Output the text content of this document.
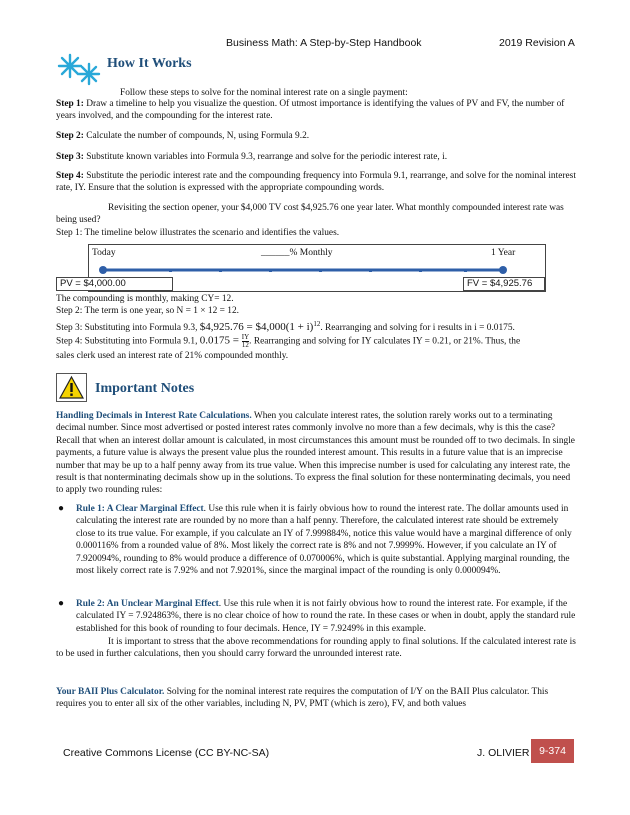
Business Math: A Step-by-Step Handbook	2019 Revision A
How It Works
Follow these steps to solve for the nominal interest rate on a single payment:
Step 1: Draw a timeline to help you visualize the question. Of utmost importance is identifying the values of PV and FV, the number of years involved, and the compounding for the interest rate.
Step 2: Calculate the number of compounds, N, using Formula 9.2.
Step 3: Substitute known variables into Formula 9.3, rearrange and solve for the periodic interest rate, i.
Step 4: Substitute the periodic interest rate and the compounding frequency into Formula 9.1, rearrange, and solve for the nominal interest rate, IY. Ensure that the solution is expressed with the appropriate compounding words.
Revisiting the section opener, your $4,000 TV cost $4,925.76 one year later. What monthly compounded interest rate was being used?
Step 1: The timeline below illustrates the scenario and identifies the values.
Today	______% Monthly	1 Year
PV = $4,000.00	FV = $4,925.76
The compounding is monthly, making CY= 12.
Step 2: The term is one year, so N = 1 × 12 = 12.
Step 3: Substituting into Formula 9.3, $4,925.76 = $4,000(1 + i)$^{12}$. Rearranging and solving for i results in i = 0.0175.
Step 4: Substituting into Formula 9.1, $0.0175 = \frac{IY}{12}$ . Rearranging and solving for IY calculates IY = 0.21, or 21%. Thus, the
sales clerk used an interest rate of 21% compounded monthly.
Important Notes
Handling Decimals in Interest Rate Calculations. When you calculate interest rates, the solution rarely works out to a terminating decimal number. Since most advertised or posted interest rates commonly involve no more than a few decimals, why is this the case? Recall that when an interest dollar amount is calculated, in most circumstances this amount must be rounded off to two decimals. In single payments, a future value is always the present value plus the rounded interest amount. This results in a future value that is an imprecise number that may be up to a half penny away from its true value. When this imprecise number is used for calculating any interest rate, the result is that nonterminating decimals show up in the solutions. To express the final solution for these nonterminating decimals, you need to apply two rounding rules:
● Rule 1: A Clear Marginal Effect. Use this rule when it is fairly obvious how to round the interest rate. The dollar amounts used in calculating the interest rate are rounded by no more than a half penny. Therefore, the calculated interest rate should be extremely close to its true value. For example, if you calculate an IY of 7.999884%, notice this value would have a marginal difference of only 0.000116% from a rounded value of 8%. Most likely the correct rate is 8% and not 7.9999%. However, if you calculate an IY of 7.920094%, rounding to 8% would produce a difference of 0.070006%, which is quite substantial. Applying marginal rounding, the most likely correct rate is 7.92% and not 7.9201%, since the marginal impact of the rounding is only 0.000094%.
● Rule 2: An Unclear Marginal Effect. Use this rule when it is not fairly obvious how to round the interest rate. For example, if the calculated IY = 7.924863%, there is no clear choice of how to round the rate. In these cases or when in doubt, apply the standard rule established for this book of rounding to four decimals. Hence, IY = 7.9249% in this example.
It is important to stress that the above recommendations for rounding apply to final solutions. If the calculated interest rate is to be used in further calculations, then you should carry forward the unrounded interest rate.
Your BAII Plus Calculator. Solving for the nominal interest rate requires the computation of I/Y on the BAII Plus calculator. This requires you to enter all six of the other variables, including N, PV, PMT (which is zero), FV, and both values
Creative Commons License (CC BY-NC-SA)	J. OLIVIER 9-374
